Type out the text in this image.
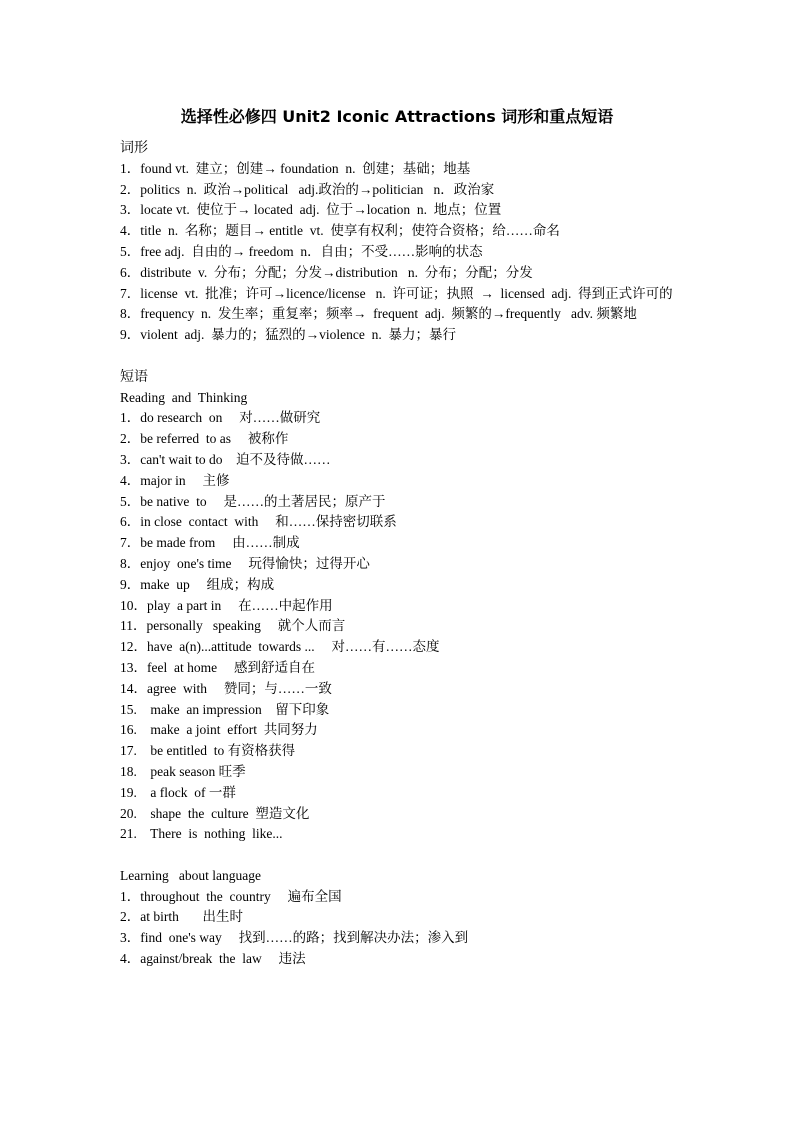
选择性必修四 Unit2 Iconic Attractions 词形和重点短语
词形
1．found vt.  建立；创建→ foundation  n.  创建；基础；地基
2．politics  n.  政治→political   adj.政治的→politician   n．政治家
3．locate vt.  使位于→ located  adj.  位于→location  n.  地点；位置
4．title  n.  名称；题目→ entitle  vt.  使享有权利；使符合资格；给……命名
5．free adj.  自由的→ freedom  n．自由；不受……影响的状态
6．distribute  v.  分布；分配；分发→distribution   n.  分布；分配；分发
7．license  vt.  批准；许可→licence/license   n.  许可证；执照  →  licensed  adj.  得到正式许可的
8．frequency  n.  发生率；重复率；频率→  frequent  adj.  频繁的→frequently   adv. 频繁地
9．violent  adj.  暴力的；猛烈的→violence  n.  暴力；暴行
短语
Reading  and  Thinking
1．do research  on     对……做研究
2．be referred  to as     被称作
3．can't wait to do    迫不及待做……
4．major in     主修
5．be native  to     是……的土著居民；原产于
6．in close  contact  with     和……保持密切联系
7．be made from     由……制成
8．enjoy  one's time     玩得愉快；过得开心
9．make  up     组成；构成
10．play  a part in     在……中起作用
11．personally   speaking     就个人而言
12．have  a(n)...attitude  towards ...     对……有……态度
13．feel  at home     感到舒适自在
14．agree  with     赞同；与……一致
15.    make  an impression    留下印象
16.    make  a joint  effort  共同努力
17.    be entitled  to 有资格获得
18.    peak season 旺季
19.    a flock  of 一群
20.    shape  the  culture  塑造文化
21.    There  is  nothing  like...
Learning   about language
1．throughout  the  country     遍布全国
2．at birth       出生时
3．find  one's way     找到……的路；找到解决办法；渗入到
4．against/break  the  law     违法
